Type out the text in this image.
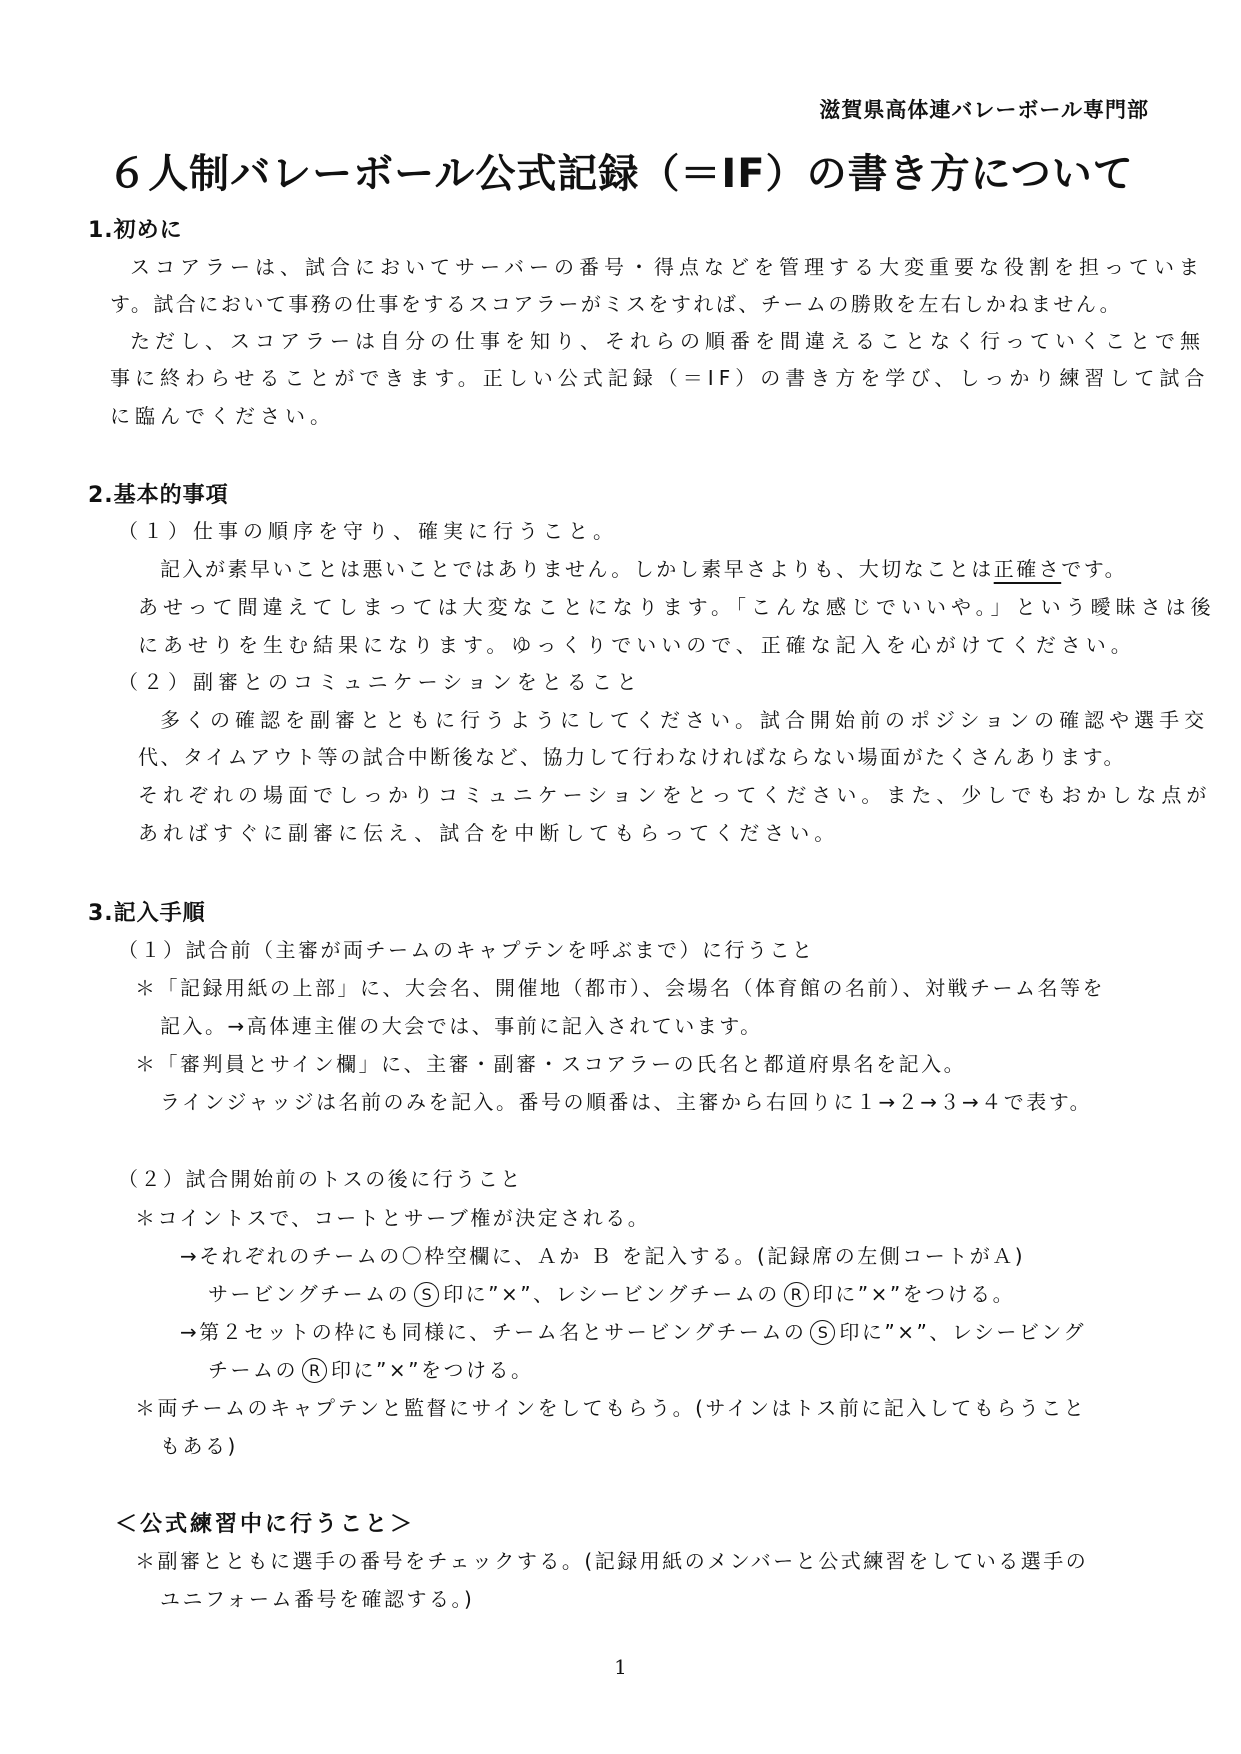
滋賀県高体連バレーボール専門部
６人制バレーボール公式記録（＝IF）の書き方について
1.初めに
スコアラーは、試合においてサーバーの番号・得点などを管理する大変重要な役割を担っていま
す。試合において事務の仕事をするスコアラーがミスをすれば、チームの勝敗を左右しかねません。
ただし、スコアラーは自分の仕事を知り、それらの順番を間違えることなく行っていくことで無
事に終わらせることができます。正しい公式記録（＝IF）の書き方を学び、しっかり練習して試合
に臨んでください。
2.基本的事項
（１）仕事の順序を守り、確実に行うこと。
記入が素早いことは悪いことではありません。しかし素早さよりも、大切なことは正確さです。
あせって間違えてしまっては大変なことになります。「こんな感じでいいや。」という曖昧さは後
にあせりを生む結果になります。ゆっくりでいいので、正確な記入を心がけてください。
（２）副審とのコミュニケーションをとること
多くの確認を副審とともに行うようにしてください。試合開始前のポジションの確認や選手交
代、タイムアウト等の試合中断後など、協力して行わなければならない場面がたくさんあります。
それぞれの場面でしっかりコミュニケーションをとってください。また、少しでもおかしな点が
あればすぐに副審に伝え、試合を中断してもらってください。
3.記入手順
（１）試合前（主審が両チームのキャプテンを呼ぶまで）に行うこと
＊「記録用紙の上部」に、大会名、開催地（都市）、会場名（体育館の名前）、対戦チーム名等を
記入。→高体連主催の大会では、事前に記入されています。
＊「審判員とサイン欄」に、主審・副審・スコアラーの氏名と都道府県名を記入。
ラインジャッジは名前のみを記入。番号の順番は、主審から右回りに１→２→３→４で表す。
（２）試合開始前のトスの後に行うこと
＊コイントスで、コートとサーブ権が決定される。
→それぞれのチームの〇枠空欄に、Ａか Ｂ を記入する。(記録席の左側コートがＡ)
サービングチームの S 印に”×”、レシービングチームの R 印に”×”をつける。
→第２セットの枠にも同様に、チーム名とサービングチームの S 印に”×”、レシービング
チームの R 印に”×”をつける。
＊両チームのキャプテンと監督にサインをしてもらう。(サインはトス前に記入してもらうこと
もある)
＜公式練習中に行うこと＞
＊副審とともに選手の番号をチェックする。(記録用紙のメンバーと公式練習をしている選手の
ユニフォーム番号を確認する。)
1
